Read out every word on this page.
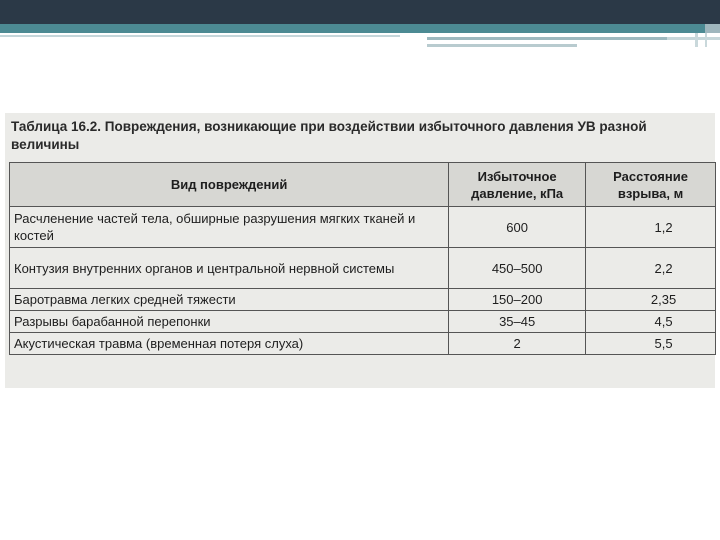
Таблица 16.2. Повреждения, возникающие при воздействии избыточного давления УВ разной величины
Вид повреждений	Избыточное давление, кПа	Расстояние взрыва, м
Расчленение частей тела, обширные разрушения мягких тканей и костей	600	1,2
Контузия внутренних органов и центральной нервной системы	450–500	2,2
Баротравма легких средней тяжести	150–200	2,35
Разрывы барабанной перепонки	35–45	4,5
Акустическая травма (временная потеря слуха)	2	5,5
